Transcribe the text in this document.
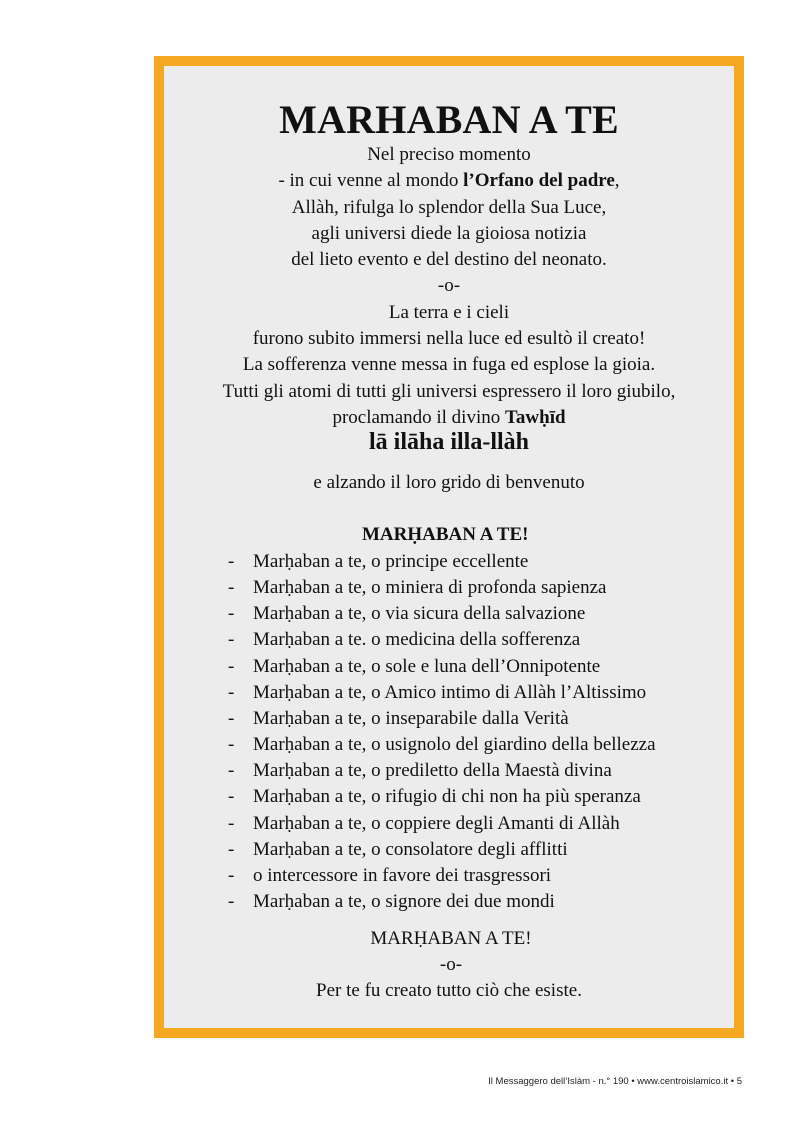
MARHABAN A TE
Nel preciso momento
- in cui venne al mondo l’Orfano del padre,
Allàh, rifulga lo splendor della Sua Luce,
agli universi diede la gioiosa notizia
del lieto evento e del destino del neonato.
-o-
La terra e i cieli
furono subito immersi nella luce ed esultò il creato!
La sofferenza venne messa in fuga ed esplose la gioia.
Tutti gli atomi di tutti gli universi espressero il loro giubilo,
proclamando il divino Tawḥīd
lā ilāha illa-llàh
e alzando il loro grido di benvenuto
MARḤABAN A TE!
- Marḥaban a te, o principe eccellente
- Marḥaban a te, o miniera di profonda sapienza
- Marḥaban a te, o via sicura della salvazione
- Marḥaban a te. o medicina della sofferenza
- Marḥaban a te, o sole e luna dell’Onnipotente
- Marḥaban a te, o Amico intimo di Allàh l’Altissimo
- Marḥaban a te, o inseparabile dalla Verità
- Marḥaban a te, o usignolo del giardino della bellezza
- Marḥaban a te, o prediletto della Maestà divina
- Marḥaban a te, o rifugio di chi non ha più speranza
- Marḥaban a te, o coppiere degli Amanti di Allàh
- Marḥaban a te, o consolatore degli afflitti
- o intercessore in favore dei trasgressori
- Marḥaban a te, o signore dei due mondi
MARḤABAN A TE!
-o-
Per te fu creato tutto ciò che esiste.
Il Messaggero dell’Islàm - n.° 190 • www.centroislamico.it • 5
